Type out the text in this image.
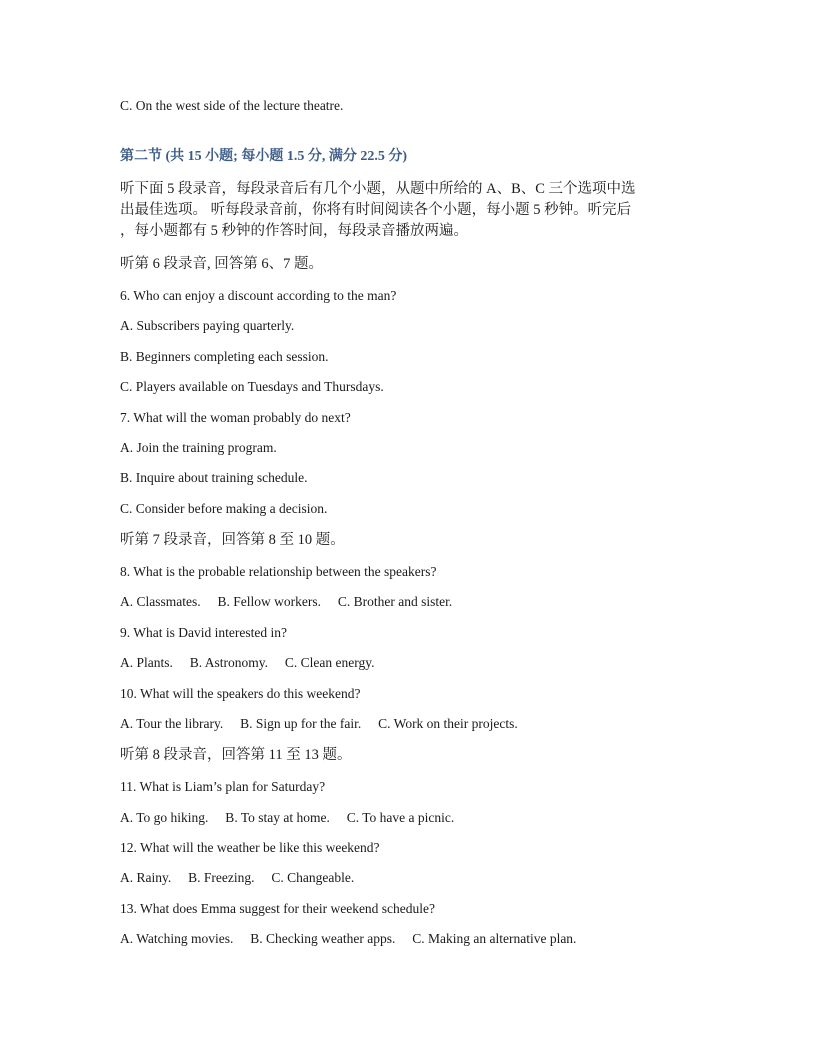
C. On the west side of the lecture theatre.
第二节 (共 15 小题; 每小题 1.5 分, 满分 22.5 分)
听下面 5 段录音，每段录音后有几个小题，从题中所给的 A、B、C 三个选项中选
出最佳选项。 听每段录音前，你将有时间阅读各个小题，每小题 5 秒钟。听完后
，每小题都有 5 秒钟的作答时间，每段录音播放两遍。
听第 6 段录音, 回答第 6、7 题。
6. Who can enjoy a discount according to the man?
A. Subscribers paying quarterly.
B. Beginners completing each session.
C. Players available on Tuesdays and Thursdays.
7. What will the woman probably do next?
A. Join the training program.
B. Inquire about training schedule.
C. Consider before making a decision.
听第 7 段录音，回答第 8 至 10 题。
8. What is the probable relationship between the speakers?
A. Classmates.     B. Fellow workers.     C. Brother and sister.
9. What is David interested in?
A. Plants.     B. Astronomy.     C. Clean energy.
10. What will the speakers do this weekend?
A. Tour the library.     B. Sign up for the fair.     C. Work on their projects.
听第 8 段录音，回答第 11 至 13 题。
11. What is Liam’s plan for Saturday?
A. To go hiking.     B. To stay at home.     C. To have a picnic.
12. What will the weather be like this weekend?
A. Rainy.     B. Freezing.     C. Changeable.
13. What does Emma suggest for their weekend schedule?
A. Watching movies.     B. Checking weather apps.     C. Making an alternative plan.
